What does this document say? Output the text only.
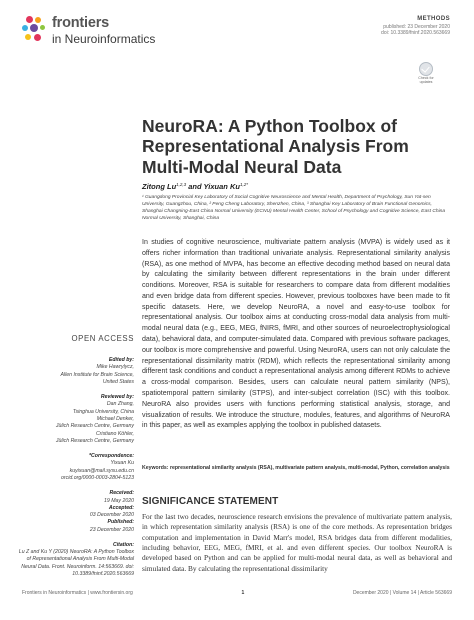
frontiers
in Neuroinformatics
METHODS
published: 23 December 2020
doi: 10.3389/fninf.2020.563669
Check for updates
NeuroRA: A Python Toolbox of Representational Analysis From Multi-Modal Neural Data
Zitong Lu$^{1,2,3}$ and Yixuan $Ku^{1,2*}$
¹ Guangdong Provincial Key Laboratory of Social Cognitive Neuroscience and Mental Health, Department of Psychology, Sun Yat-sen University, Guangzhou, China, ² Peng Cheng Laboratory, Shenzhen, China, ³ Shanghai Key Laboratory of Brain Functional Genomics, Shanghai Changning-East China Normal University (ECNU) Mental Health Center, School of Psychology and Cognitive Science, East China Normal University, Shanghai, China
In studies of cognitive neuroscience, multivariate pattern analysis (MVPA) is widely used as it offers richer information than traditional univariate analysis. Representational similarity analysis (RSA), as one method of MVPA, has become an effective decoding method based on neural data by calculating the similarity between different representations in the brain under different conditions. Moreover, RSA is suitable for researchers to compare data from different modalities and even bridge data from different species. However, previous toolboxes have been made to fit specific datasets. Here, we develop NeuroRA, a novel and easy-to-use toolbox for representational analysis. Our toolbox aims at conducting cross-modal data analysis from multi-modal neural data (e.g., EEG, MEG, fNIRS, fMRI, and other sources of neuroelectrophysiological data), behavioral data, and computer-simulated data. Compared with previous software packages, our toolbox is more comprehensive and powerful. Using NeuroRA, users can not only calculate the representational dissimilarity matrix (RDM), which reflects the representational similarity among different task conditions and conduct a representational analysis among different RDMs to achieve a cross-modal comparison. Besides, users can calculate neural pattern similarity (NPS), spatiotemporal pattern similarity (STPS), and inter-subject correlation (ISC) with this toolbox. NeuroRA also provides users with functions performing statistical analysis, storage, and visualization of results. We introduce the structure, modules, features, and algorithms of NeuroRA in this paper, as well as examples applying the toolbox in published datasets.
Keywords: representational similarity analysis (RSA), multivariate pattern analysis, multi-modal, Python, correlation analysis
OPEN ACCESS
Edited by:
Mike Hawrylycz,
Allen Institute for Brain Science,
United States
Reviewed by:
Dan Zhang,
Tsinghua University, China
Michael Denker,
Jülich Research Centre, Germany
Cristiano Köhler,
Jülich Research Centre, Germany
*Correspondence:
Yixuan Ku
kuyixuan@mail.sysu.edu.cn
orcid.org/0000-0003-2804-5123
Received:
19 May 2020
Accepted:
03 December 2020
Published:
23 December 2020
Citation:
Lu Z and Ku Y (2020) NeuroRA: A Python Toolbox of Representational Analysis From Multi-Modal Neural Data. Front. Neuroinform. 14:563669. doi: 10.3389/fninf.2020.563669
SIGNIFICANCE STATEMENT
For the last two decades, neuroscience research envisions the prevalence of multivariate pattern analysis, in which representation similarity analysis (RSA) is one of the core methods. As representation bridges computation and implementation in David Marr's model, RSA bridges data from different modalities, including behavior, EEG, MEG, fMRI, et al. and even different species. Our toolbox NeuroRA is developed based on Python and can be applied for multi-modal neural data, as well as behavioral and simulated data. By calculating the representational dissimilarity
Frontiers in Neuroinformatics | www.frontiersin.org	1	December 2020 | Volume 14 | Article 563669
